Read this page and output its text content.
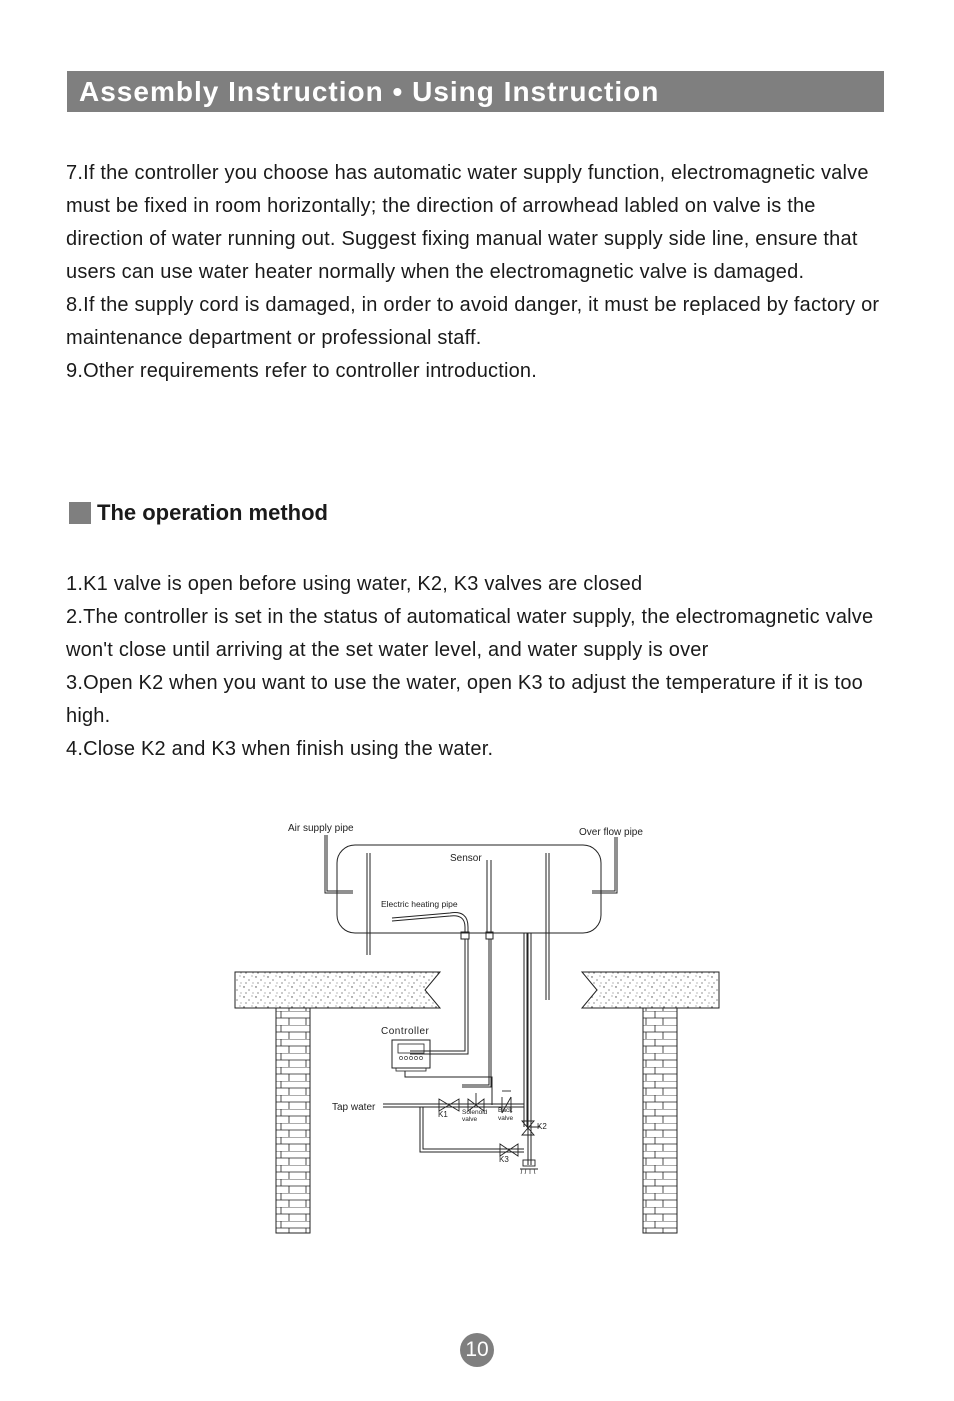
Assembly Instruction • Using Instruction

7.If the controller you choose has automatic water supply function, electromagnetic valve must be fixed in room horizontally; the direction of arrowhead labled on valve is the direction of water running out. Suggest fixing manual water supply side line, ensure that users can use water heater normally when the electromagnetic valve is damaged.

8.If the supply cord is damaged, in order to avoid danger, it must be replaced by factory or maintenance department or professional staff.

9.Other requirements refer to controller introduction.

The operation method

1.K1 valve is open before using water, K2, K3 valves are closed

2.The controller is set in the status of automatical water supply, the electromagnetic valve won't close until arriving at the set water level, and water supply is over

3.Open K2 when you want to use the water, open K3 to adjust the temperature if it is too high.

4.Close K2 and K3 when finish using the water.

Air supply pipe	Over flow pipe
Sensor
Electric heating pipe
Controller
Tap water
K1 Solenoid
valve
Back
valve
K2
K3
10
